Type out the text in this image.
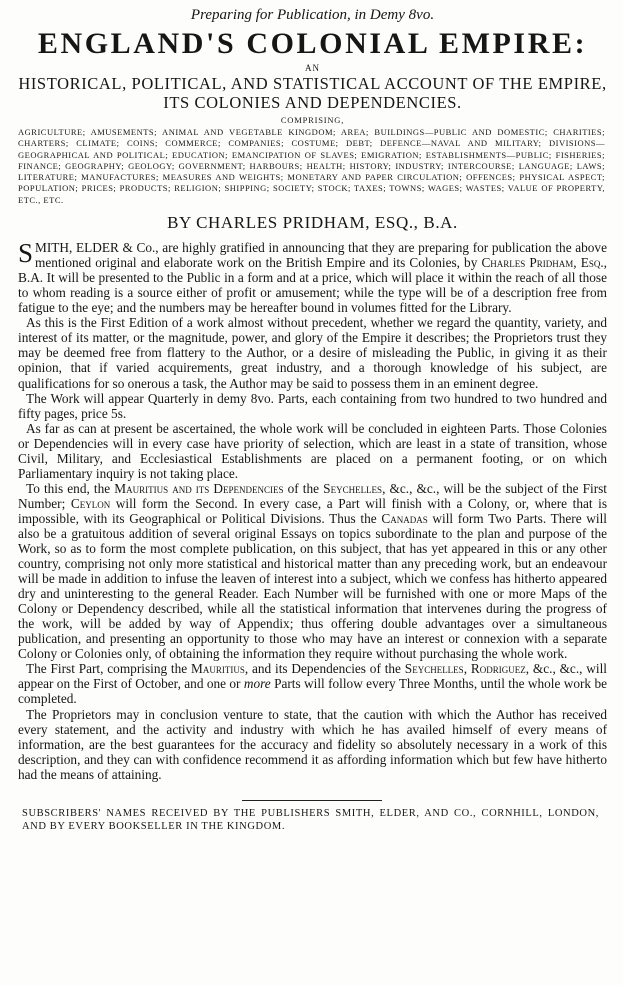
Preparing for Publication, in Demy 8vo.

ENGLAND'S COLONIAL EMPIRE:

AN

HISTORICAL, POLITICAL, AND STATISTICAL ACCOUNT OF THE EMPIRE, ITS COLONIES AND DEPENDENCIES.

COMPRISING,

AGRICULTURE; AMUSEMENTS; ANIMAL AND VEGETABLE KINGDOM; AREA; BUILDINGS—PUBLIC AND DOMESTIC; CHARITIES; CHARTERS; CLIMATE; COINS; COMMERCE; COMPANIES; COSTUME; DEBT; DEFENCE—NAVAL AND MILITARY; DIVISIONS—GEOGRAPHICAL AND POLITICAL; EDUCATION; EMANCIPATION OF SLAVES; EMIGRATION; ESTABLISHMENTS—PUBLIC; FISHERIES; FINANCE; GEOGRAPHY; GEOLOGY; GOVERNMENT; HARBOURS; HEALTH; HISTORY; INDUSTRY; INTERCOURSE; LANGUAGE; LAWS; LITERATURE; MANUFACTURES; MEASURES AND WEIGHTS; MONETARY AND PAPER CIRCULATION; OFFENCES; PHYSICAL ASPECT; POPULATION; PRICES; PRODUCTS; RELIGION; SHIPPING; SOCIETY; STOCK; TAXES; TOWNS; WAGES; WASTES; VALUE OF PROPERTY, ETC., ETC.

BY CHARLES PRIDHAM, ESQ., B.A.

SMITH, ELDER & Co., are highly gratified in announcing that they are preparing for publication the above mentioned original and elaborate work on the British Empire and its Colonies, by Charles Pridham, Esq., B.A. It will be presented to the Public in a form and at a price, which will place it within the reach of all those to whom reading is a source either of profit or amusement; while the type will be of a description free from fatigue to the eye; and the numbers may be hereafter bound in volumes fitted for the Library.

As this is the First Edition of a work almost without precedent, whether we regard the quantity, variety, and interest of its matter, or the magnitude, power, and glory of the Empire it describes; the Proprietors trust they may be deemed free from flattery to the Author, or a desire of misleading the Public, in giving it as their opinion, that if varied acquirements, great industry, and a thorough knowledge of his subject, are qualifications for so onerous a task, the Author may be said to possess them in an eminent degree.

The Work will appear Quarterly in demy 8vo. Parts, each containing from two hundred to two hundred and fifty pages, price 5s.

As far as can at present be ascertained, the whole work will be concluded in eighteen Parts. Those Colonies or Dependencies will in every case have priority of selection, which are least in a state of transition, whose Civil, Military, and Ecclesiastical Establishments are placed on a permanent footing, or on which Parliamentary inquiry is not taking place.

To this end, the Mauritius and its Dependencies of the Seychelles, &c., &c., will be the subject of the First Number; Ceylon will form the Second. In every case, a Part will finish with a Colony, or, where that is impossible, with its Geographical or Political Divisions. Thus the Canadas will form Two Parts. There will also be a gratuitous addition of several original Essays on topics subordinate to the plan and purpose of the Work, so as to form the most complete publication, on this subject, that has yet appeared in this or any other country, comprising not only more statistical and historical matter than any preceding work, but an endeavour will be made in addition to infuse the leaven of interest into a subject, which we confess has hitherto appeared dry and uninteresting to the general Reader. Each Number will be furnished with one or more Maps of the Colony or Dependency described, while all the statistical information that intervenes during the progress of the work, will be added by way of Appendix; thus offering double advantages over a simultaneous publication, and presenting an opportunity to those who may have an interest or connexion with a separate Colony or Colonies only, of obtaining the information they require without purchasing the whole work.

The First Part, comprising the Mauritius, and its Dependencies of the Seychelles, Rodriguez, &c., &c., will appear on the First of October, and one or more Parts will follow every Three Months, until the whole work be completed.

The Proprietors may in conclusion venture to state, that the caution with which the Author has received every statement, and the activity and industry with which he has availed himself of every means of information, are the best guarantees for the accuracy and fidelity so absolutely necessary in a work of this description, and they can with confidence recommend it as affording information which but few have hitherto had the means of attaining.

SUBSCRIBERS' NAMES RECEIVED BY THE PUBLISHERS SMITH, ELDER, AND CO., CORNHILL, LONDON, AND BY EVERY BOOKSELLER IN THE KINGDOM.
